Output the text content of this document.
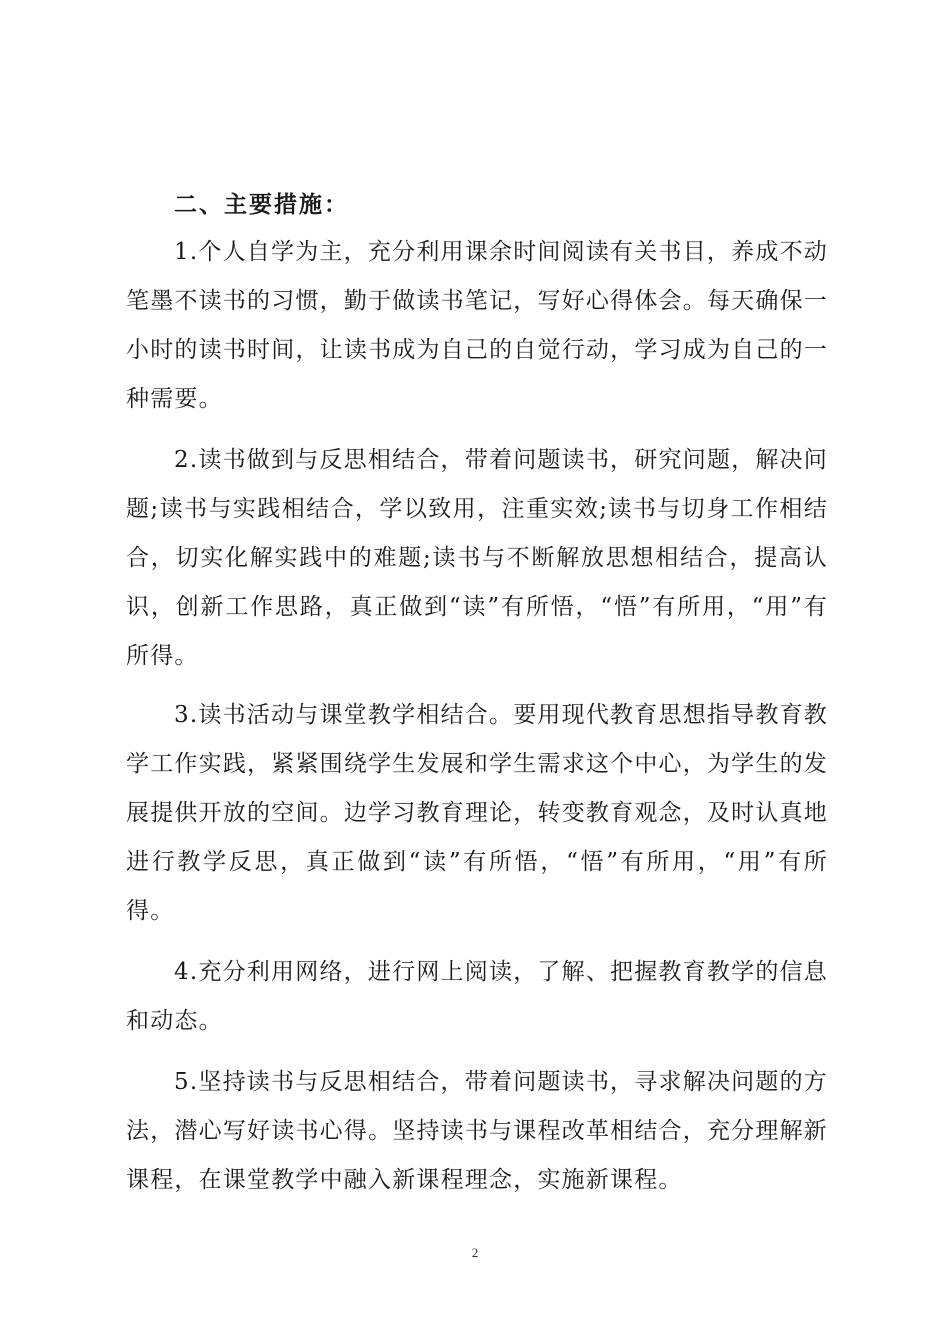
二、主要措施：

1.个人自学为主，充分利用课余时间阅读有关书目，养成不动笔墨不读书的习惯，勤于做读书笔记，写好心得体会。每天确保一小时的读书时间，让读书成为自己的自觉行动，学习成为自己的一种需要。

2.读书做到与反思相结合，带着问题读书，研究问题，解决问题;读书与实践相结合，学以致用，注重实效;读书与切身工作相结合，切实化解实践中的难题;读书与不断解放思想相结合，提高认识，创新工作思路，真正做到“读”有所悟，“悟”有所用，“用”有所得。

3.读书活动与课堂教学相结合。要用现代教育思想指导教育教学工作实践，紧紧围绕学生发展和学生需求这个中心，为学生的发展提供开放的空间。边学习教育理论，转变教育观念，及时认真地进行教学反思，真正做到“读”有所悟，“悟”有所用，“用”有所得。

4.充分利用网络，进行网上阅读，了解、把握教育教学的信息和动态。

5.坚持读书与反思相结合，带着问题读书，寻求解决问题的方法，潜心写好读书心得。坚持读书与课程改革相结合，充分理解新课程，在课堂教学中融入新课程理念，实施新课程。

2
